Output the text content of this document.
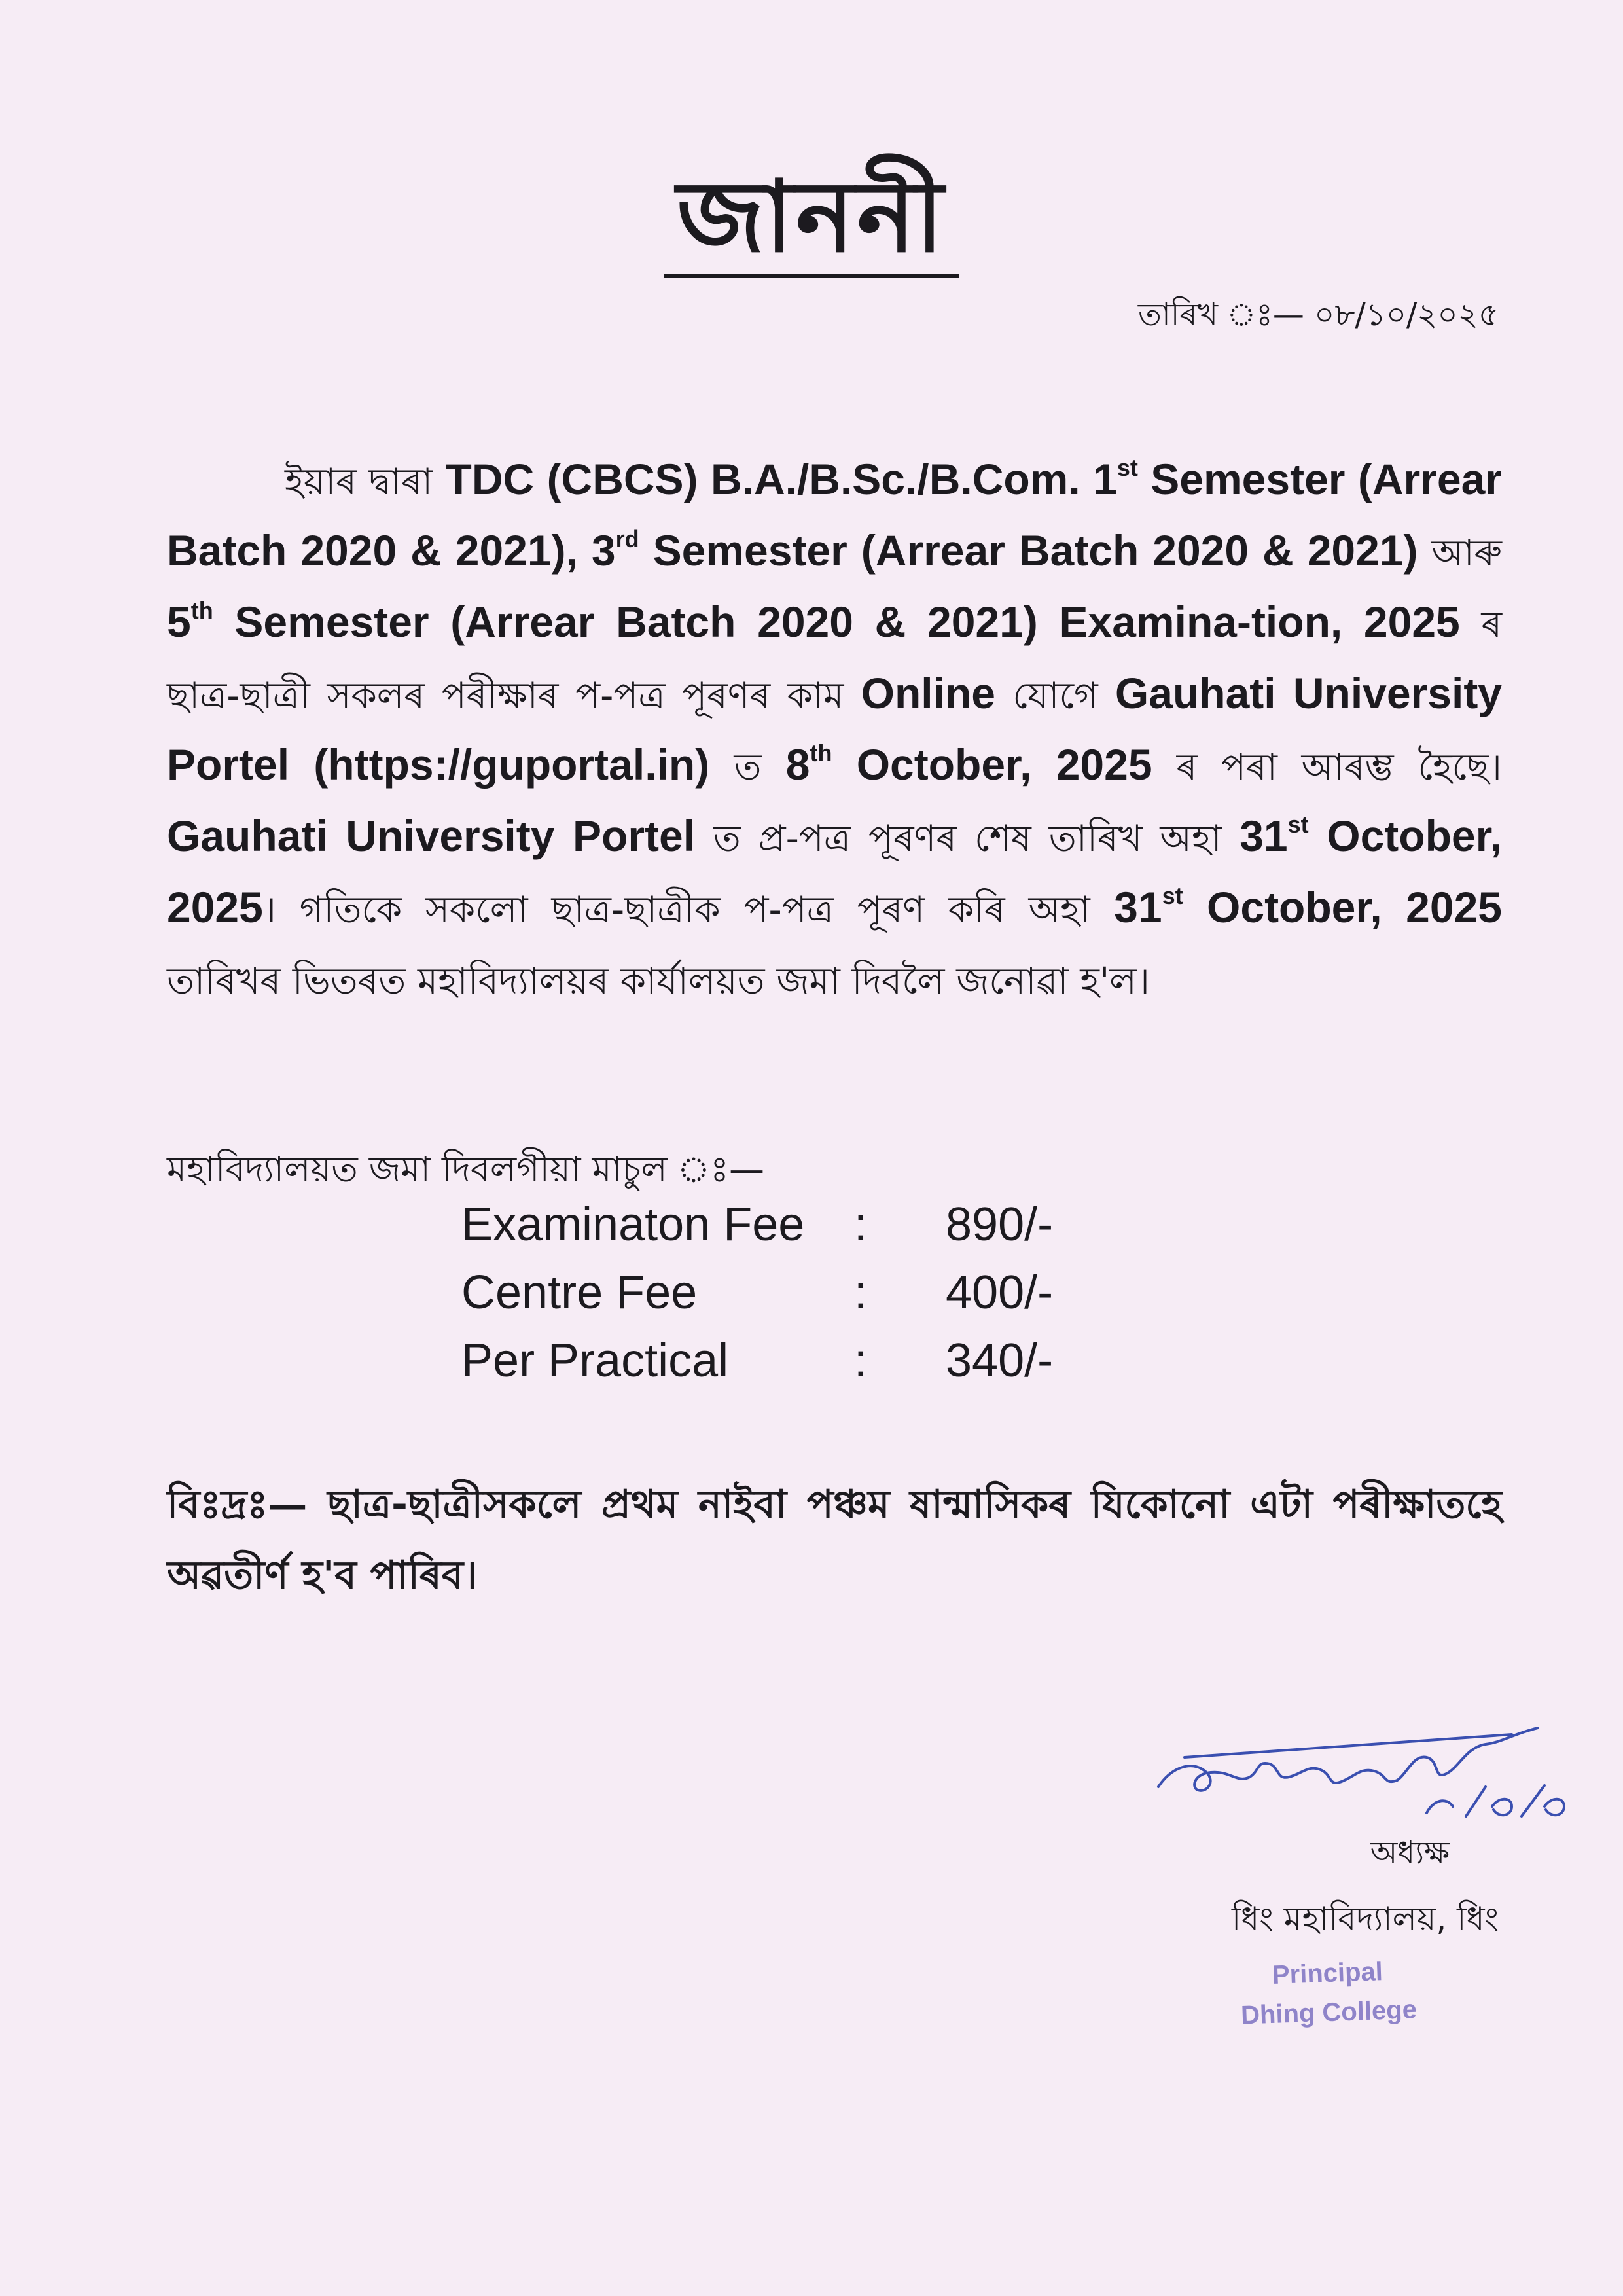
জাননী
তাৰিখ ঃ— ০৮/১০/২০২৫
ইয়াৰ দ্বাৰা TDC (CBCS) B.A./B.Sc./B.Com. 1st Semester (Arrear Batch 2020 & 2021), 3rd Semester (Arrear Batch 2020 & 2021) আৰু 5th Semester (Arrear Batch 2020 & 2021) Examina-tion, 2025 ৰ ছাত্ৰ-ছাত্ৰী সকলৰ পৰীক্ষাৰ প-পত্ৰ পূৰণৰ কাম Online যোগে Gauhati University Portel (https://guportal.in) ত 8th October, 2025 ৰ পৰা আৰম্ভ হৈছে। Gauhati University Portel ত প্ৰ-পত্ৰ পূৰণৰ শেষ তাৰিখ অহা 31st October, 2025। গতিকে সকলো ছাত্ৰ-ছাত্ৰীক প-পত্ৰ পূৰণ কৰি অহা 31st October, 2025 তাৰিখৰ ভিতৰত মহাবিদ্যালয়ৰ কাৰ্যালয়ত জমা দিবলৈ জনোৱা হ'ল।
মহাবিদ্যালয়ত জমা দিবলগীয়া মাচুল ঃ—
Examinaton Fee : 890/-
Centre Fee	: 400/-
Per Practical	: 340/-
বিঃদ্ৰঃ— ছাত্ৰ-ছাত্ৰীসকলে প্ৰথম নাইবা পঞ্চম ষান্মাসিকৰ যিকোনো এটা পৰীক্ষাতহে অৱতীৰ্ণ হ'ব পাৰিব।
অধ্যক্ষ
ধিং মহাবিদ্যালয়, ধিং
Principal
Dhing College
